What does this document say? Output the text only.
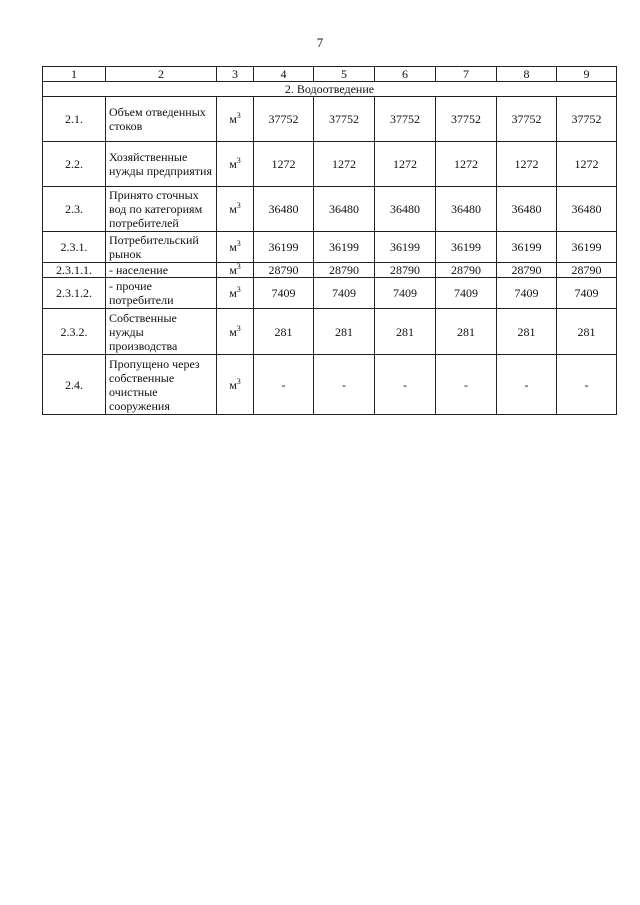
7
1	2	3	4	5	6	7	8	9
2. Водоотведение								
2.1.	Объем отведенных стоков	$м^3$	37752	37752	37752	37752	37752	37752
2.2.	Хозяйственные нужды предприятия	$м^3$	1272	1272	1272	1272	1272	1272
2.3.	Принято сточных вод по категориям потребителей	$м^3$	36480	36480	36480	36480	36480	36480
2.3.1.	Потребительский рынок	$м^3$	36199	36199	36199	36199	36199	36199
2.3.1.1.	- население	$м^3$	28790	28790	28790	28790	28790	28790
2.3.1.2.	- прочие потребители	$м^3$	7409	7409	7409	7409	7409	7409
2.3.2.	Собственные нужды производства	$м^3$	281	281	281	281	281	281
2.4.	Пропущено через собственные очистные сооружения	$м^3$	-	-	-	-	-	-
